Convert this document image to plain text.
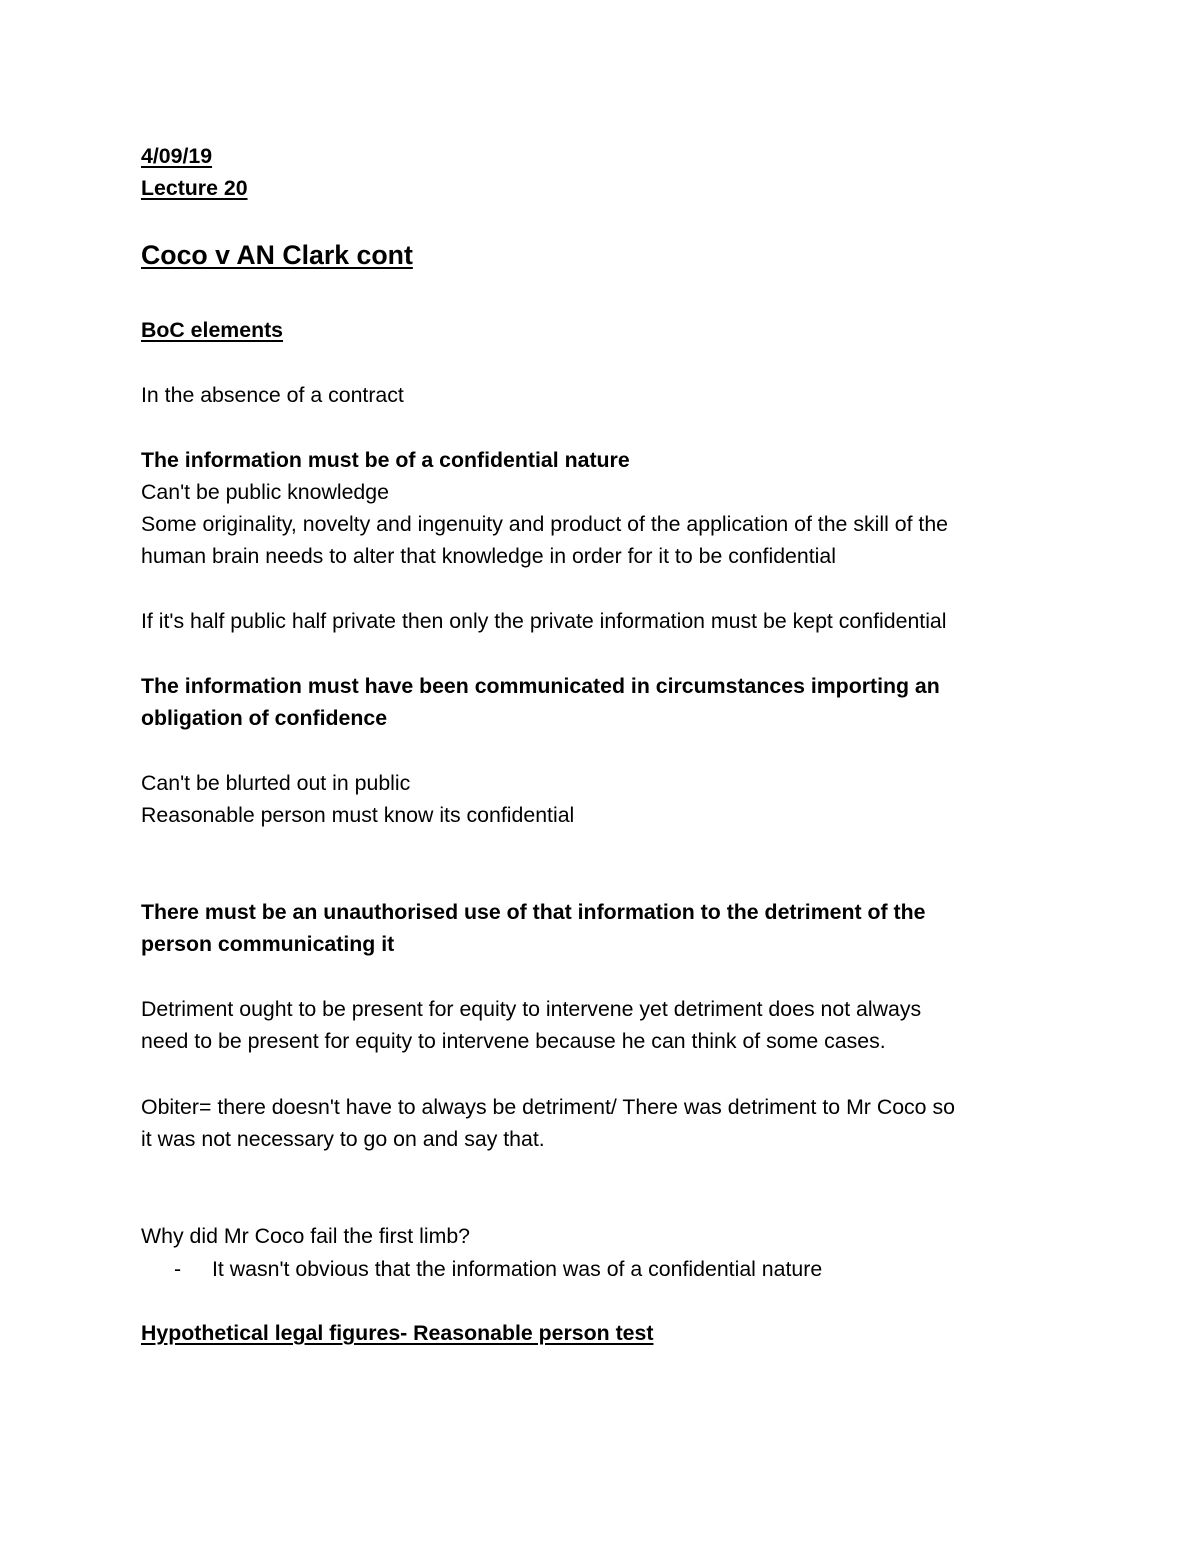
4/09/19
Lecture 20
Coco v AN Clark cont
BoC elements
In the absence of a contract
The information must be of a confidential nature
Can't be public knowledge
Some originality, novelty and ingenuity and product of the application of the skill of the
human brain needs to alter that knowledge in order for it to be confidential
If it's half public half private then only the private information must be kept confidential
The information must have been communicated in circumstances importing an
obligation of confidence
Can't be blurted out in public
Reasonable person must know its confidential
There must be an unauthorised use of that information to the detriment of the
person communicating it
Detriment ought to be present for equity to intervene yet detriment does not always
need to be present for equity to intervene because he can think of some cases.
Obiter= there doesn't have to always be detriment/ There was detriment to Mr Coco so
it was not necessary to go on and say that.
Why did Mr Coco fail the first limb?
- It wasn't obvious that the information was of a confidential nature
Hypothetical legal figures- Reasonable person test
